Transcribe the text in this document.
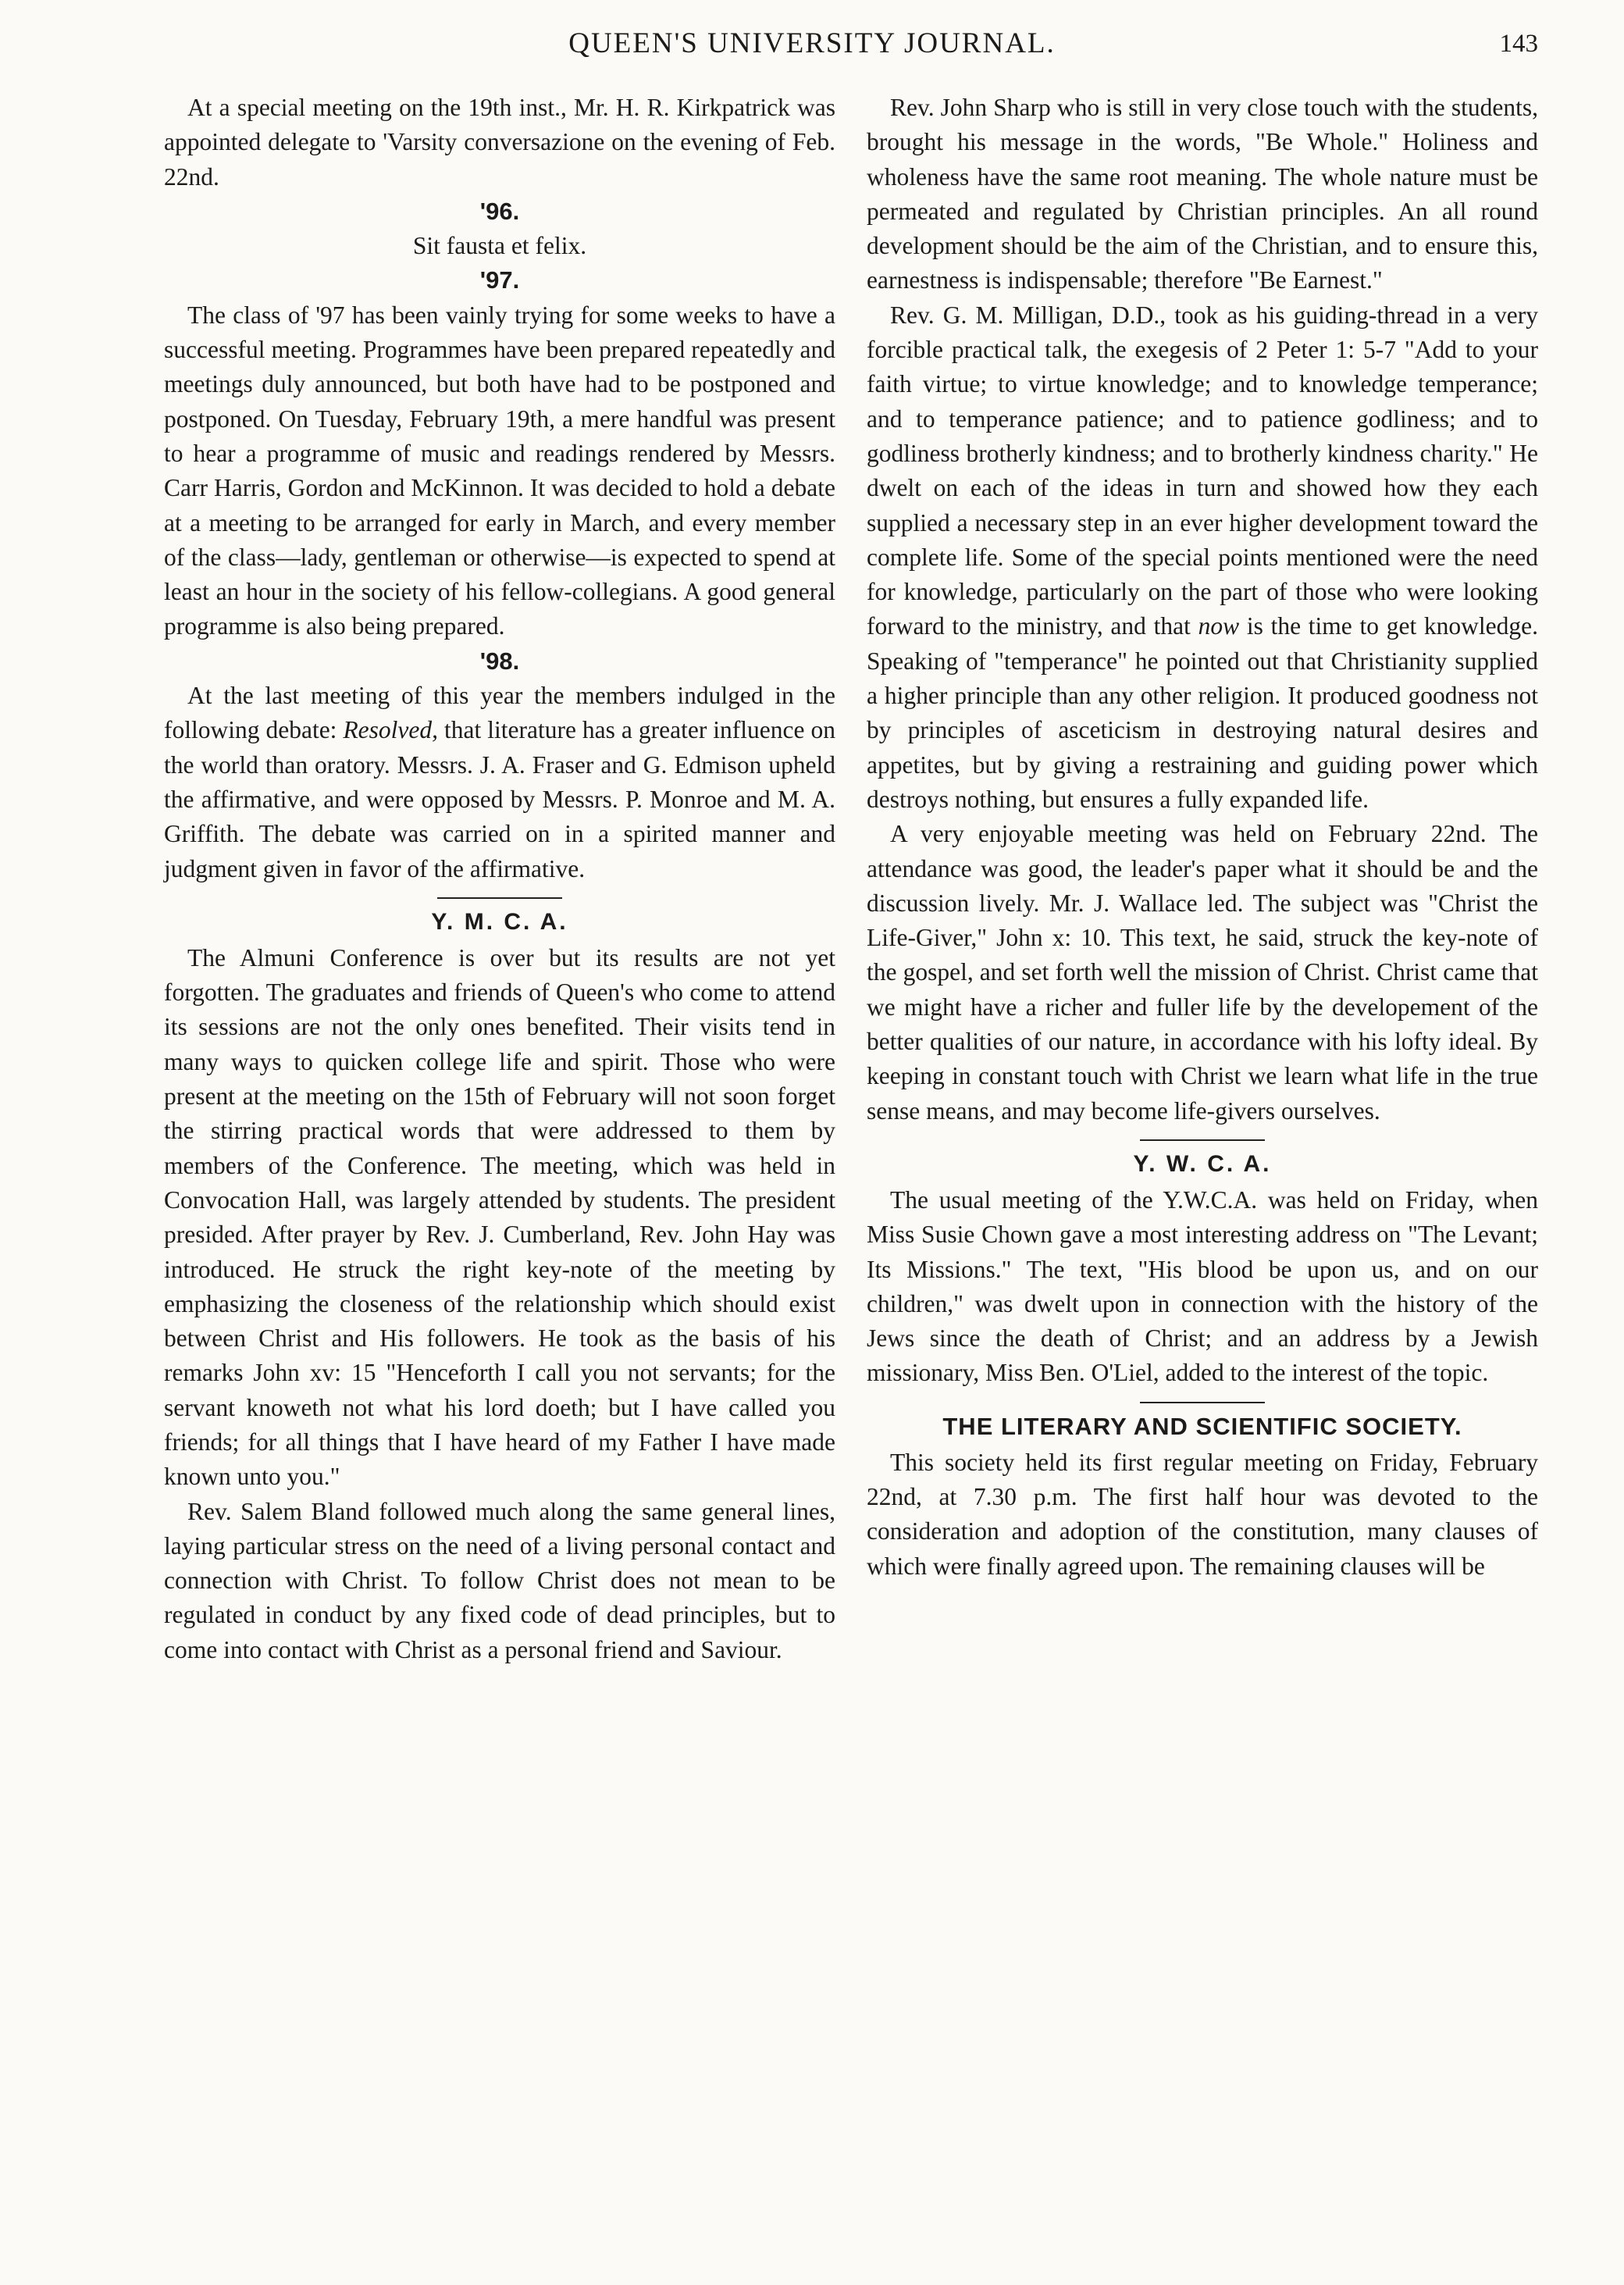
QUEEN'S UNIVERSITY JOURNAL.	143

At a special meeting on the 19th inst., Mr. H. R. Kirkpatrick was appointed delegate to 'Varsity conversazione on the evening of Feb. 22nd.

'96.

Sit fausta et felix.

'97.

The class of '97 has been vainly trying for some weeks to have a successful meeting. Programmes have been prepared repeatedly and meetings duly announced, but both have had to be postponed and postponed. On Tuesday, February 19th, a mere handful was present to hear a programme of music and readings rendered by Messrs. Carr Harris, Gordon and McKinnon. It was decided to hold a debate at a meeting to be arranged for early in March, and every member of the class—lady, gentleman or otherwise—is expected to spend at least an hour in the society of his fellow-collegians. A good general programme is also being prepared.

'98.

At the last meeting of this year the members indulged in the following debate: Resolved, that literature has a greater influence on the world than oratory. Messrs. J. A. Fraser and G. Edmison upheld the affirmative, and were opposed by Messrs. P. Monroe and M. A. Griffith. The debate was carried on in a spirited manner and judgment given in favor of the affirmative.

Y. M. C. A.

The Almuni Conference is over but its results are not yet forgotten. The graduates and friends of Queen's who come to attend its sessions are not the only ones benefited. Their visits tend in many ways to quicken college life and spirit. Those who were present at the meeting on the 15th of February will not soon forget the stirring practical words that were addressed to them by members of the Conference. The meeting, which was held in Convocation Hall, was largely attended by students. The president presided. After prayer by Rev. J. Cumberland, Rev. John Hay was introduced. He struck the right key-note of the meeting by emphasizing the closeness of the relationship which should exist between Christ and His followers. He took as the basis of his remarks John xv: 15 "Henceforth I call you not servants; for the servant knoweth not what his lord doeth; but I have called you friends; for all things that I have heard of my Father I have made known unto you."

Rev. Salem Bland followed much along the same general lines, laying particular stress on the need of a living personal contact and connection with Christ. To follow Christ does not mean to be regulated in conduct by any fixed code of dead principles, but to come into contact with Christ as a personal friend and Saviour.

Rev. John Sharp who is still in very close touch with the students, brought his message in the words, "Be Whole." Holiness and wholeness have the same root meaning. The whole nature must be permeated and regulated by Christian principles. An all round development should be the aim of the Christian, and to ensure this, earnestness is indispensable; therefore "Be Earnest."

Rev. G. M. Milligan, D.D., took as his guiding-thread in a very forcible practical talk, the exegesis of 2 Peter 1: 5-7 "Add to your faith virtue; to virtue knowledge; and to knowledge temperance; and to temperance patience; and to patience godliness; and to godliness brotherly kindness; and to brotherly kindness charity." He dwelt on each of the ideas in turn and showed how they each supplied a necessary step in an ever higher development toward the complete life. Some of the special points mentioned were the need for knowledge, particularly on the part of those who were looking forward to the ministry, and that now is the time to get knowledge. Speaking of "temperance" he pointed out that Christianity supplied a higher principle than any other religion. It produced goodness not by principles of asceticism in destroying natural desires and appetites, but by giving a restraining and guiding power which destroys nothing, but ensures a fully expanded life.

A very enjoyable meeting was held on February 22nd. The attendance was good, the leader's paper what it should be and the discussion lively. Mr. J. Wallace led. The subject was "Christ the Life-Giver," John x: 10. This text, he said, struck the key-note of the gospel, and set forth well the mission of Christ. Christ came that we might have a richer and fuller life by the developement of the better qualities of our nature, in accordance with his lofty ideal. By keeping in constant touch with Christ we learn what life in the true sense means, and may become life-givers ourselves.

Y. W. C. A.

The usual meeting of the Y.W.C.A. was held on Friday, when Miss Susie Chown gave a most interesting address on "The Levant; Its Missions." The text, "His blood be upon us, and on our children," was dwelt upon in connection with the history of the Jews since the death of Christ; and an address by a Jewish missionary, Miss Ben. O'Liel, added to the interest of the topic.

THE LITERARY AND SCIENTIFIC SOCIETY.

This society held its first regular meeting on Friday, February 22nd, at 7.30 p.m. The first half hour was devoted to the consideration and adoption of the constitution, many clauses of which were finally agreed upon. The remaining clauses will be
